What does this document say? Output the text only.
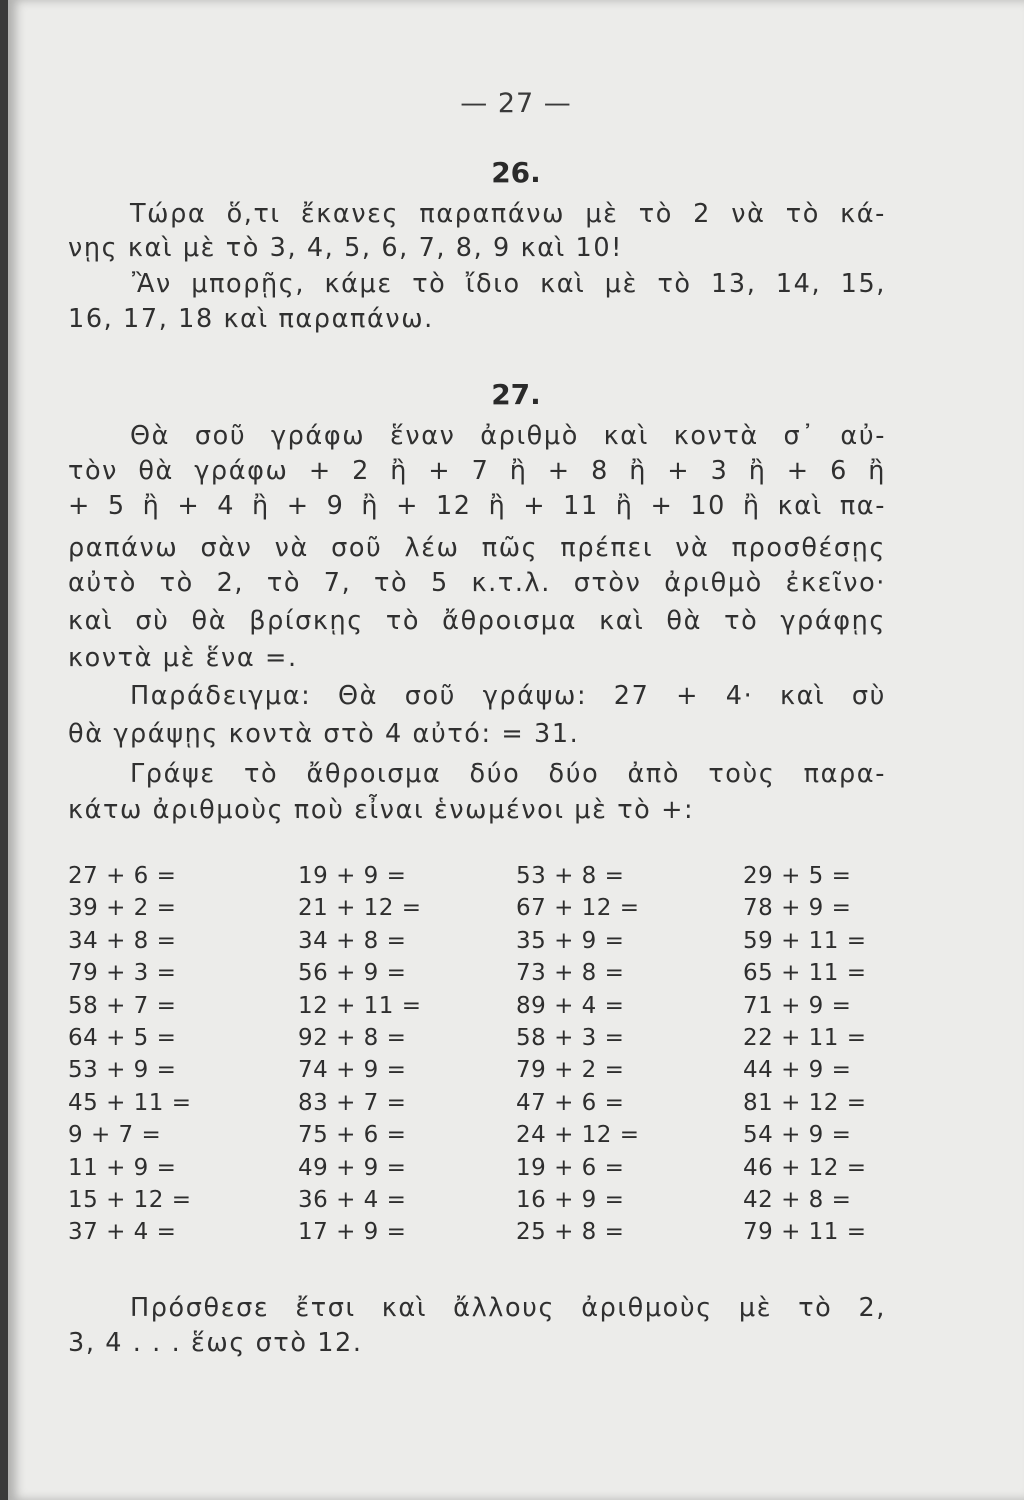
— 27 —
26.
Τώρα ὅ,τι ἔκανες παραπάνω μὲ τὸ 2 νὰ τὸ κά-
νῃς καὶ μὲ τὸ 3, 4, 5, 6, 7, 8, 9 καὶ 10!
Ἂν μπορῇς, κάμε τὸ ἴδιο καὶ μὲ τὸ 13, 14, 15,
16, 17, 18 καὶ παραπάνω.
27.
Θὰ σοῦ γράφω ἕναν ἀριθμὸ καὶ κοντὰ σ᾿ αὐ-
τὸν θὰ γράφω + 2 ἢ + 7 ἢ + 8 ἢ + 3 ἢ + 6 ἢ
+ 5 ἢ + 4 ἢ + 9 ἢ + 12 ἢ + 11 ἢ + 10 ἢ καὶ πα-
ραπάνω σὰν νὰ σοῦ λέω πῶς πρέπει νὰ προσθέσῃς
αὐτὸ τὸ 2, τὸ 7, τὸ 5 κ.τ.λ. στὸν ἀριθμὸ ἐκεῖνο·
καὶ σὺ θὰ βρίσκῃς τὸ ἄθροισμα καὶ θὰ τὸ γράφῃς
κοντὰ μὲ ἕνα =.
Παράδειγμα: Θὰ σοῦ γράψω: 27 + 4· καὶ σὺ
θὰ γράψῃς κοντὰ στὸ 4 αὐτό: = 31.
Γράψε τὸ ἄθροισμα δύο δύο ἀπὸ τοὺς παρα-
κάτω ἀριθμοὺς ποὺ εἶναι ἑνωμένοι μὲ τὸ +:
27 + 6 =
39 + 2 =
34 + 8 =
79 + 3 =
58 + 7 =
64 + 5 =
53 + 9 =
45 + 11 =
9 + 7 =
11 + 9 =
15 + 12 =
37 + 4 =
19 + 9 =
21 + 12 =
34 + 8 =
56 + 9 =
12 + 11 =
92 + 8 =
74 + 9 =
83 + 7 =
75 + 6 =
49 + 9 =
36 + 4 =
17 + 9 =
53 + 8 =
67 + 12 =
35 + 9 =
73 + 8 =
89 + 4 =
58 + 3 =
79 + 2 =
47 + 6 =
24 + 12 =
19 + 6 =
16 + 9 =
25 + 8 =
29 + 5 =
78 + 9 =
59 + 11 =
65 + 11 =
71 + 9 =
22 + 11 =
44 + 9 =
81 + 12 =
54 + 9 =
46 + 12 =
42 + 8 =
79 + 11 =
Πρόσθεσε ἔτσι καὶ ἄλλους ἀριθμοὺς μὲ τὸ 2,
3, 4 . . . ἕως στὸ 12.
